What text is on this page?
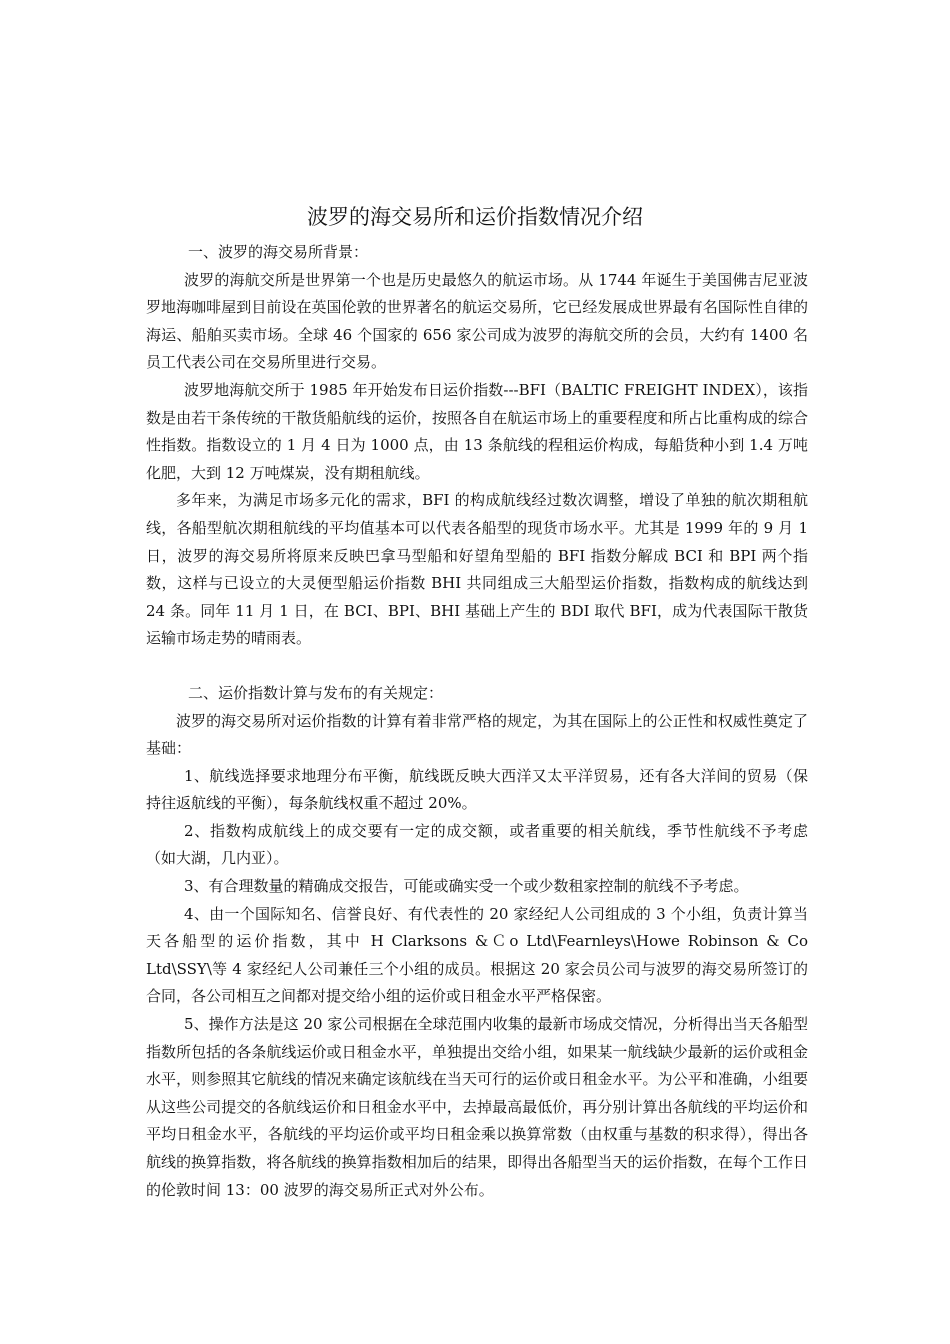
波罗的海交易所和运价指数情况介绍

一、波罗的海交易所背景：

波罗的海航交所是世界第一个也是历史最悠久的航运市场。从 1744 年诞生于美国佛吉尼亚波罗地海咖啡屋到目前设在英国伦敦的世界著名的航运交易所，它已经发展成世界最有名国际性自律的海运、船舶买卖市场。全球 46 个国家的 656 家公司成为波罗的海航交所的会员，大约有 1400 名员工代表公司在交易所里进行交易。

波罗地海航交所于 1985 年开始发布日运价指数---BFI（BALTIC FREIGHT INDEX），该指数是由若干条传统的干散货船航线的运价，按照各自在航运市场上的重要程度和所占比重构成的综合性指数。指数设立的 1 月 4 日为 1000 点，由 13 条航线的程租运价构成，每船货种小到 1.4 万吨化肥，大到 12 万吨煤炭，没有期租航线。

多年来，为满足市场多元化的需求，BFI 的构成航线经过数次调整，增设了单独的航次期租航线，各船型航次期租航线的平均值基本可以代表各船型的现货市场水平。尤其是 1999 年的 9 月 1 日，波罗的海交易所将原来反映巴拿马型船和好望角型船的 BFI 指数分解成 BCI 和 BPI 两个指数，这样与已设立的大灵便型船运价指数 BHI 共同组成三大船型运价指数，指数构成的航线达到 24 条。同年 11 月 1 日，在 BCI、BPI、BHI 基础上产生的 BDI 取代 BFI，成为代表国际干散货运输市场走势的晴雨表。

二、运价指数计算与发布的有关规定：

波罗的海交易所对运价指数的计算有着非常严格的规定，为其在国际上的公正性和权威性奠定了基础：

1、航线选择要求地理分布平衡，航线既反映大西洋又太平洋贸易，还有各大洋间的贸易（保持往返航线的平衡），每条航线权重不超过 20%。

2、指数构成航线上的成交要有一定的成交额，或者重要的相关航线，季节性航线不予考虑（如大湖，几内亚）。

3、有合理数量的精确成交报告，可能或确实受一个或少数租家控制的航线不予考虑。

4、由一个国际知名、信誉良好、有代表性的 20 家经纪人公司组成的 3 个小组，负责计算当天各船型的运价指数，其中 H Clarksons &Ｃo Ltd\Fearnleys\Howe Robinson & Co Ltd\SSY\等 4 家经纪人公司兼任三个小组的成员。根据这 20 家会员公司与波罗的海交易所签订的合同，各公司相互之间都对提交给小组的运价或日租金水平严格保密。

5、操作方法是这 20 家公司根据在全球范围内收集的最新市场成交情况，分析得出当天各船型指数所包括的各条航线运价或日租金水平，单独提出交给小组，如果某一航线缺少最新的运价或租金水平，则参照其它航线的情况来确定该航线在当天可行的运价或日租金水平。为公平和准确，小组要从这些公司提交的各航线运价和日租金水平中，去掉最高最低价，再分别计算出各航线的平均运价和平均日租金水平，各航线的平均运价或平均日租金乘以换算常数（由权重与基数的积求得），得出各航线的换算指数，将各航线的换算指数相加后的结果，即得出各船型当天的运价指数，在每个工作日的伦敦时间 13：00 波罗的海交易所正式对外公布。
